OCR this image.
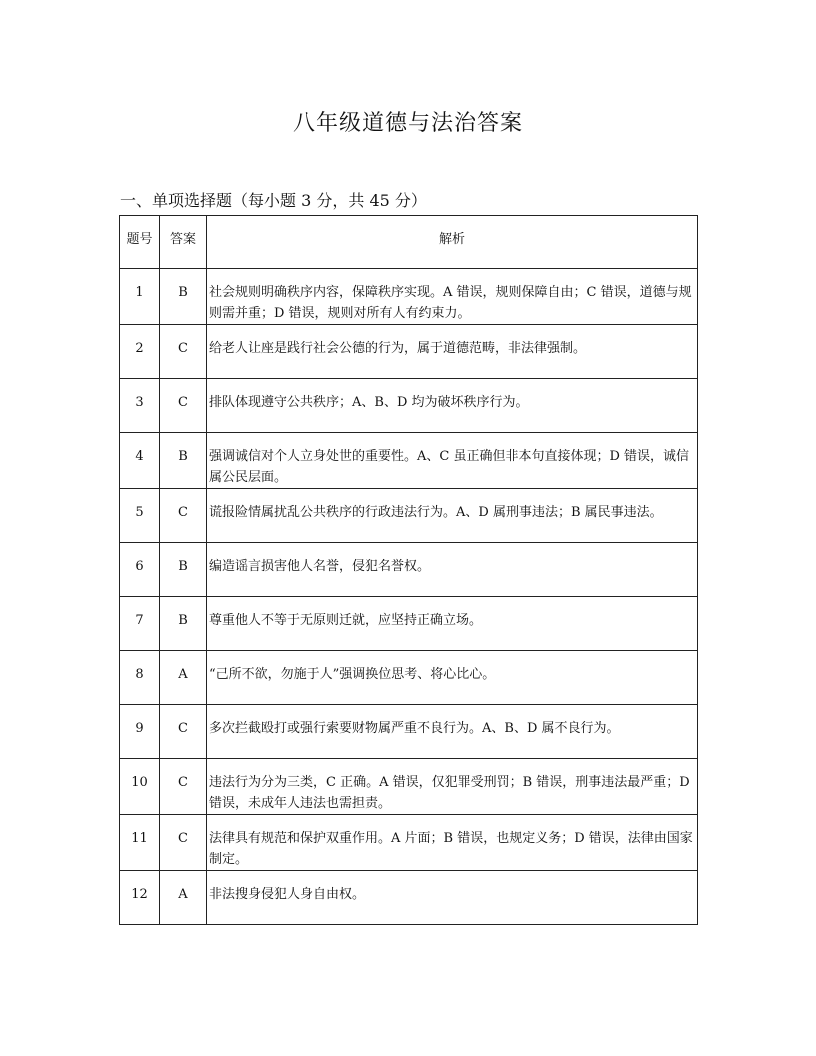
八年级道德与法治答案
一、单项选择题（每小题 3 分，共 45 分）
题号	答案	解析
1	B	社会规则明确秩序内容，保障秩序实现。A 错误，规则保障自由；C 错误，道德与规则需并重；D 错误，规则对所有人有约束力。
2	C	给老人让座是践行社会公德的行为，属于道德范畴，非法律强制。
3	C	排队体现遵守公共秩序；A、B、D 均为破坏秩序行为。
4	B	强调诚信对个人立身处世的重要性。A、C 虽正确但非本句直接体现；D 错误，诚信属公民层面。
5	C	谎报险情属扰乱公共秩序的行政违法行为。A、D 属刑事违法；B 属民事违法。
6	B	编造谣言损害他人名誉，侵犯名誉权。
7	B	尊重他人不等于无原则迁就，应坚持正确立场。
8	A	“己所不欲，勿施于人”强调换位思考、将心比心。
9	C	多次拦截殴打或强行索要财物属严重不良行为。A、B、D 属不良行为。
10	C	违法行为分为三类，C 正确。A 错误，仅犯罪受刑罚；B 错误，刑事违法最严重；D 错误，未成年人违法也需担责。
11	C	法律具有规范和保护双重作用。A 片面；B 错误，也规定义务；D 错误，法律由国家制定。
12	A	非法搜身侵犯人身自由权。
